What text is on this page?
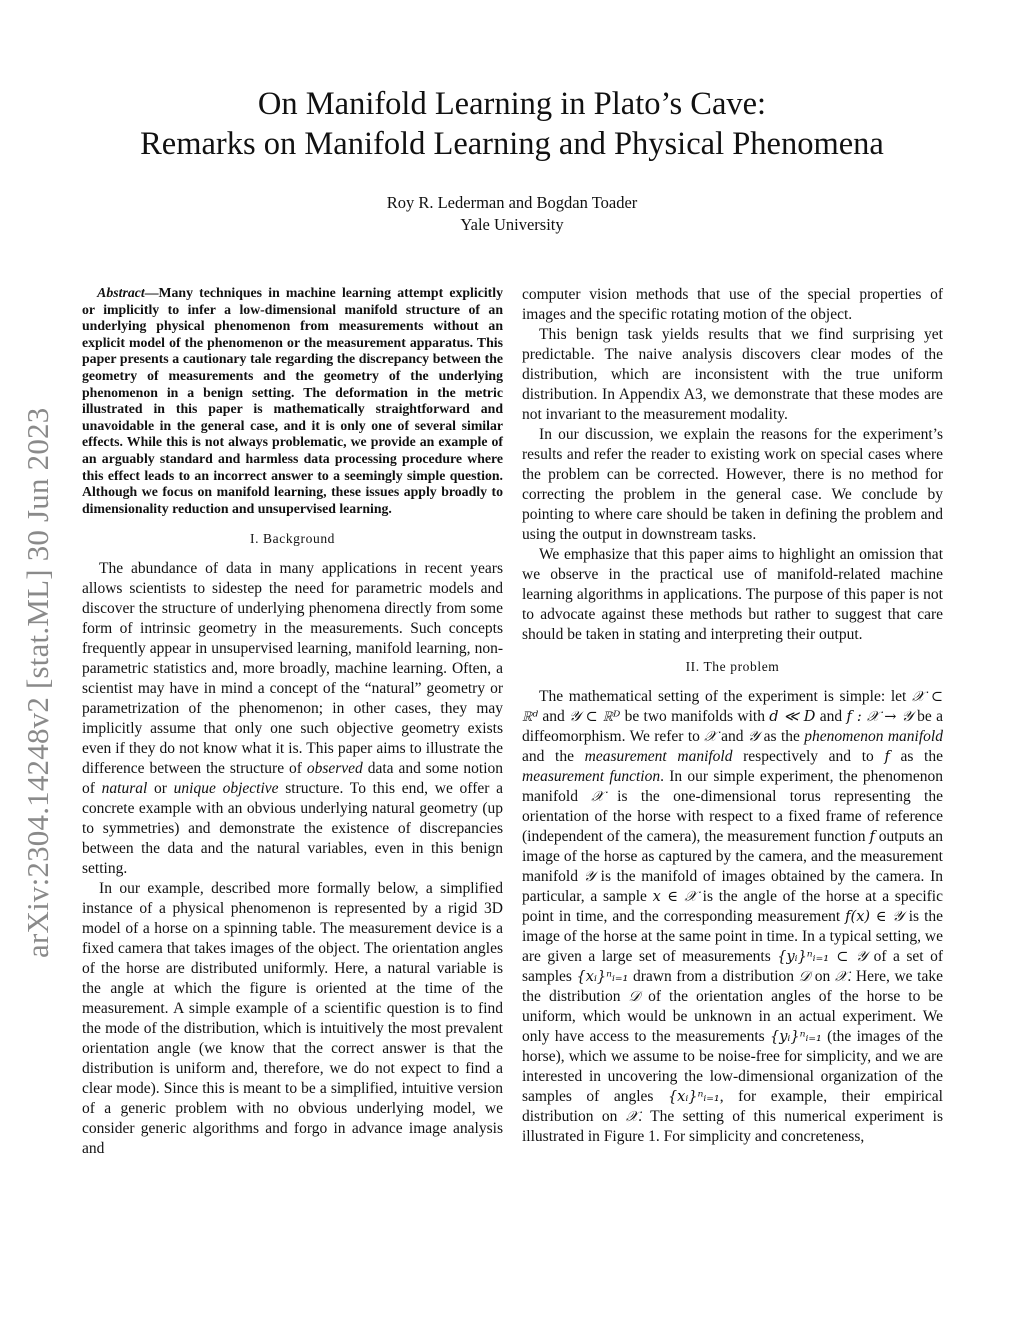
arXiv:2304.14248v2 [stat.ML] 30 Jun 2023
On Manifold Learning in Plato’s Cave:
Remarks on Manifold Learning and Physical Phenomena
Roy R. Lederman and Bogdan Toader
Yale University

Abstract—Many techniques in machine learning attempt explicitly or implicitly to infer a low-dimensional manifold structure of an underlying physical phenomenon from measurements without an explicit model of the phenomenon or the measurement apparatus. This paper presents a cautionary tale regarding the discrepancy between the geometry of measurements and the geometry of the underlying phenomenon in a benign setting. The deformation in the metric illustrated in this paper is mathematically straightforward and unavoidable in the general case, and it is only one of several similar effects. While this is not always problematic, we provide an example of an arguably standard and harmless data processing procedure where this effect leads to an incorrect answer to a seemingly simple question. Although we focus on manifold learning, these issues apply broadly to dimensionality reduction and unsupervised learning.

I. Background

The abundance of data in many applications in recent years allows scientists to sidestep the need for parametric models and discover the structure of underlying phenomena directly from some form of intrinsic geometry in the measurements. Such concepts frequently appear in unsupervised learning, manifold learning, non-parametric statistics and, more broadly, machine learning. Often, a scientist may have in mind a concept of the “natural” geometry or parametrization of the phenomenon; in other cases, they may implicitly assume that only one such objective geometry exists even if they do not know what it is. This paper aims to illustrate the difference between the structure of observed data and some notion of natural or unique objective structure. To this end, we offer a concrete example with an obvious underlying natural geometry (up to symmetries) and demonstrate the existence of discrepancies between the data and the natural variables, even in this benign setting.

In our example, described more formally below, a simplified instance of a physical phenomenon is represented by a rigid 3D model of a horse on a spinning table. The measurement device is a fixed camera that takes images of the object. The orientation angles of the horse are distributed uniformly. Here, a natural variable is the angle at which the figure is oriented at the time of the measurement. A simple example of a scientific question is to find the mode of the distribution, which is intuitively the most prevalent orientation angle (we know that the correct answer is that the distribution is uniform and, therefore, we do not expect to find a clear mode). Since this is meant to be a simplified, intuitive version of a generic problem with no obvious underlying model, we consider generic algorithms and forgo in advance image analysis and

computer vision methods that use of the special properties of images and the specific rotating motion of the object.

This benign task yields results that we find surprising yet predictable. The naive analysis discovers clear modes of the distribution, which are inconsistent with the true uniform distribution. In Appendix A3, we demonstrate that these modes are not invariant to the measurement modality.

In our discussion, we explain the reasons for the experiment’s results and refer the reader to existing work on special cases where the problem can be corrected. However, there is no method for correcting the problem in the general case. We conclude by pointing to where care should be taken in defining the problem and using the output in downstream tasks.

We emphasize that this paper aims to highlight an omission that we observe in the practical use of manifold-related machine learning algorithms in applications. The purpose of this paper is not to advocate against these methods but rather to suggest that care should be taken in stating and interpreting their output.

II. The problem

The mathematical setting of the experiment is simple: let 𝒳 ⊂ ℝᵈ and 𝒴 ⊂ ℝᴰ be two manifolds with d ≪ D and f : 𝒳 → 𝒴 be a diffeomorphism. We refer to 𝒳 and 𝒴 as the phenomenon manifold and the measurement manifold respectively and to f as the measurement function. In our simple experiment, the phenomenon manifold 𝒳 is the one-dimensional torus representing the orientation of the horse with respect to a fixed frame of reference (independent of the camera), the measurement function f outputs an image of the horse as captured by the camera, and the measurement manifold 𝒴 is the manifold of images obtained by the camera. In particular, a sample x ∈ 𝒳 is the angle of the horse at a specific point in time, and the corresponding measurement f(x) ∈ 𝒴 is the image of the horse at the same point in time. In a typical setting, we are given a large set of measurements {yᵢ}ⁿᵢ₌₁ ⊂ 𝒴 of a set of samples {xᵢ}ⁿᵢ₌₁ drawn from a distribution 𝒟 on 𝒳. Here, we take the distribution 𝒟 of the orientation angles of the horse to be uniform, which would be unknown in an actual experiment. We only have access to the measurements {yᵢ}ⁿᵢ₌₁ (the images of the horse), which we assume to be noise-free for simplicity, and we are interested in uncovering the low-dimensional organization of the samples of angles {xᵢ}ⁿᵢ₌₁, for example, their empirical distribution on 𝒳. The setting of this numerical experiment is illustrated in Figure 1. For simplicity and concreteness,
